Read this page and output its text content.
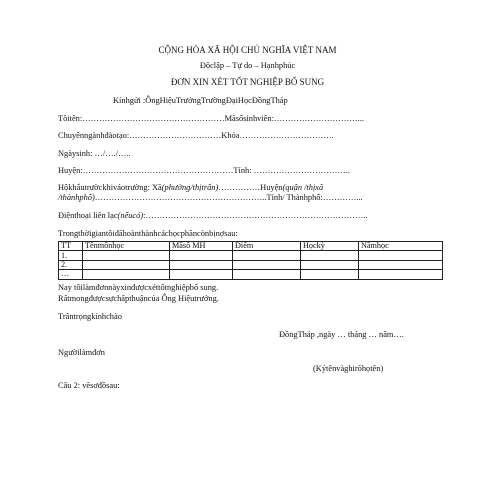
CỘNG HÒA XÃ HỘI CHỦ NGHĨA VIỆT NAM
Độclập – Tự do – Hạnhphúc
ĐƠN XIN XÉT TỐT NGHIỆP BỔ SUNG
Kínhgửi :ÔngHiệuTrưởngTrườngĐạiHọcĐồngTháp
Tôitên:……………………………………………Mãsốsinhviên:…………………………...
Chuyênngànhđàotạo:……………………………Khóa…………………………….
Ngàysinh: …/…./…..
Huyện:………………………………………………Tỉnh: ……………………………..
Hộkhẩutrườckhiváotrường: Xã(phường/thịtrấn)……………Huyện(quận /thịxã
/thànhphố)……………………………………………………..Tỉnh/ Thànhphố:…………...
Điệnthoại liên lạc(nếucó):……………………………………………………………………..
Trongthờigiantôiđãhoànthànhcáchọcphầncònbịnợsau:
TT	Tênmônhọc	Mãsố MH	Điểm	Họckỳ	Nămhọc
1.					
2.					
…					
Nay tôilàmđơnnàyxinđượcxéttốtnghiệpbổ sung.
Rấtmongđượcsựchấpthuậncủa Ông Hiệutrưởng.
Trântrọngkínhchào
ĐồngTháp ,ngày … tháng … năm….
Ngườilàmđơn
(Kýtênvàghirõhọtên)
Câu 2: vẽsơđồsau:
